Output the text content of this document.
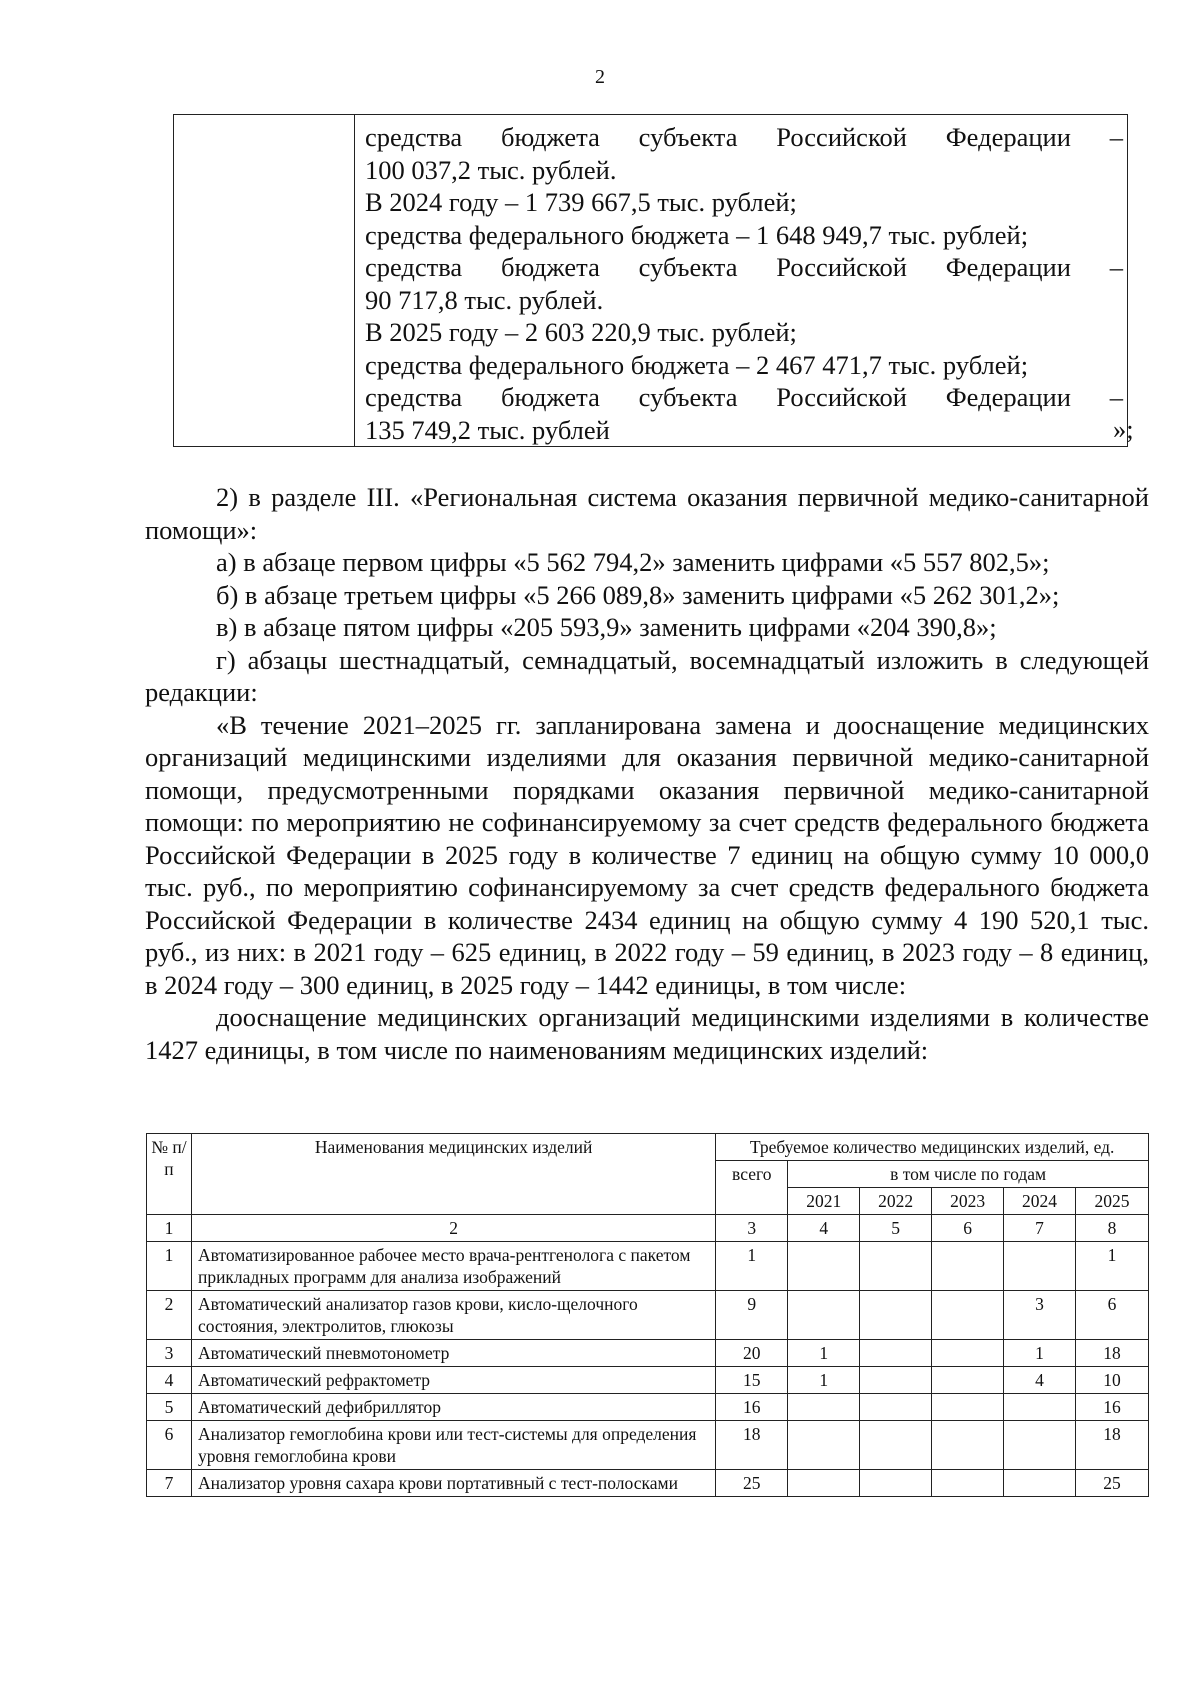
2

средства бюджета субъекта Российской Федерации –
100 037,2 тыс. рублей.
В 2024 году – 1 739 667,5 тыс. рублей;
средства федерального бюджета – 1 648 949,7 тыс. рублей;
средства бюджета субъекта Российской Федерации –
90 717,8 тыс. рублей.
В 2025 году – 2 603 220,9 тыс. рублей;
средства федерального бюджета – 2 467 471,7 тыс. рублей;
средства бюджета субъекта Российской Федерации –
135 749,2 тыс. рублей	»;

2) в разделе III. «Региональная система оказания первичной медико-санитарной помощи»:

а) в абзаце первом цифры «5 562 794,2» заменить цифрами «5 557 802,5»;

б) в абзаце третьем цифры «5 266 089,8» заменить цифрами «5 262 301,2»;

в) в абзаце пятом цифры «205 593,9» заменить цифрами «204 390,8»;

г) абзацы шестнадцатый, семнадцатый, восемнадцатый изложить в следующей редакции:

«В течение 2021–2025 гг. запланирована замена и дооснащение медицинских организаций медицинскими изделиями для оказания первичной медико-санитарной помощи, предусмотренными порядками оказания первичной медико-санитарной помощи: по мероприятию не софинансируемому за счет средств федерального бюджета Российской Федерации в 2025 году в количестве 7 единиц на общую сумму 10 000,0 тыс. руб., по мероприятию софинансируемому за счет средств федерального бюджета Российской Федерации в количестве 2434 единиц на общую сумму 4 190 520,1 тыс. руб., из них: в 2021 году – 625 единиц, в 2022 году – 59 единиц, в 2023 году – 8 единиц, в 2024 году – 300 единиц, в 2025 году – 1442 единицы, в том числе:

дооснащение медицинских организаций медицинскими изделиями в количестве 1427 единицы, в том числе по наименованиям медицинских изделий:

№ п/п	Наименования медицинских изделий	Требуемое количество медицинских изделий, ед.					
		всего	в том числе по годам				
			2021	2022	2023	2024	2025
1	2	3	4	5	6	7	8
1	Автоматизированное рабочее место врача-рентгенолога с пакетом прикладных программ для анализа изображений	1					1
2	Автоматический анализатор газов крови, кисло-щелочного состояния, электролитов, глюкозы	9				3	6
3	Автоматический пневмотонометр	20	1			1	18
4	Автоматический рефрактометр	15	1			4	10
5	Автоматический дефибриллятор	16					16
6	Анализатор гемоглобина крови или тест-системы для определения уровня гемоглобина крови	18					18
7	Анализатор уровня сахара крови портативный с тест-полосками	25					25
